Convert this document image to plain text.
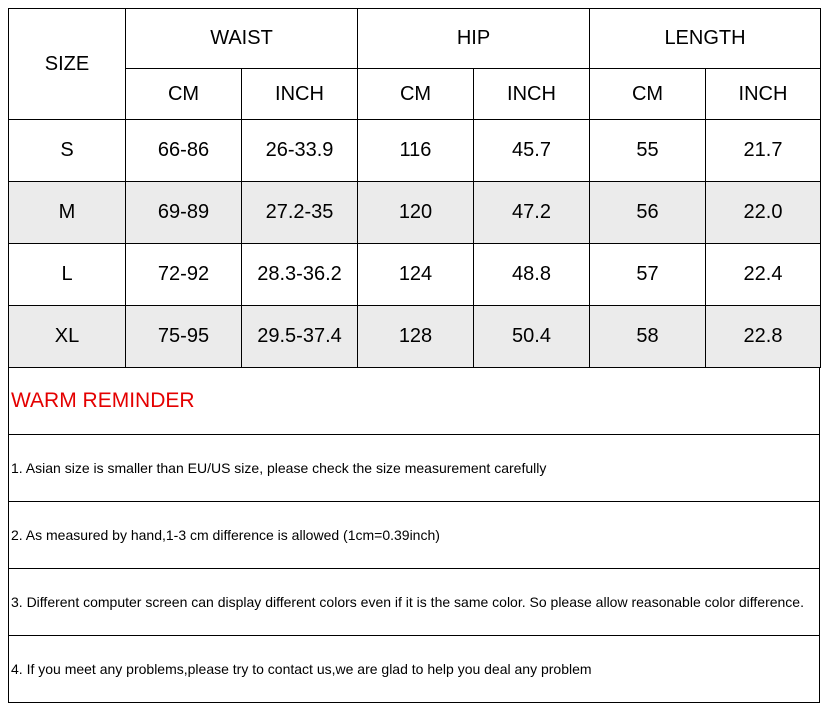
SIZE	WAIST		HIP		LENGTH	
	CM	INCH	CM	INCH	CM	INCH
S	66-86	26-33.9	116	45.7	55	21.7
M	69-89	27.2-35	120	47.2	56	22.0
L	72-92	28.3-36.2	124	48.8	57	22.4
XL	75-95	29.5-37.4	128	50.4	58	22.8
WARM REMINDER
1. Asian size is smaller than EU/US size, please check the size measurement carefully
2. As measured by hand,1-3 cm difference is allowed (1cm=0.39inch)
3. Different computer screen can display different colors even if it is the same color. So please allow reasonable color difference.
4. If you meet any problems,please try to contact us,we are glad to help you deal any problem
